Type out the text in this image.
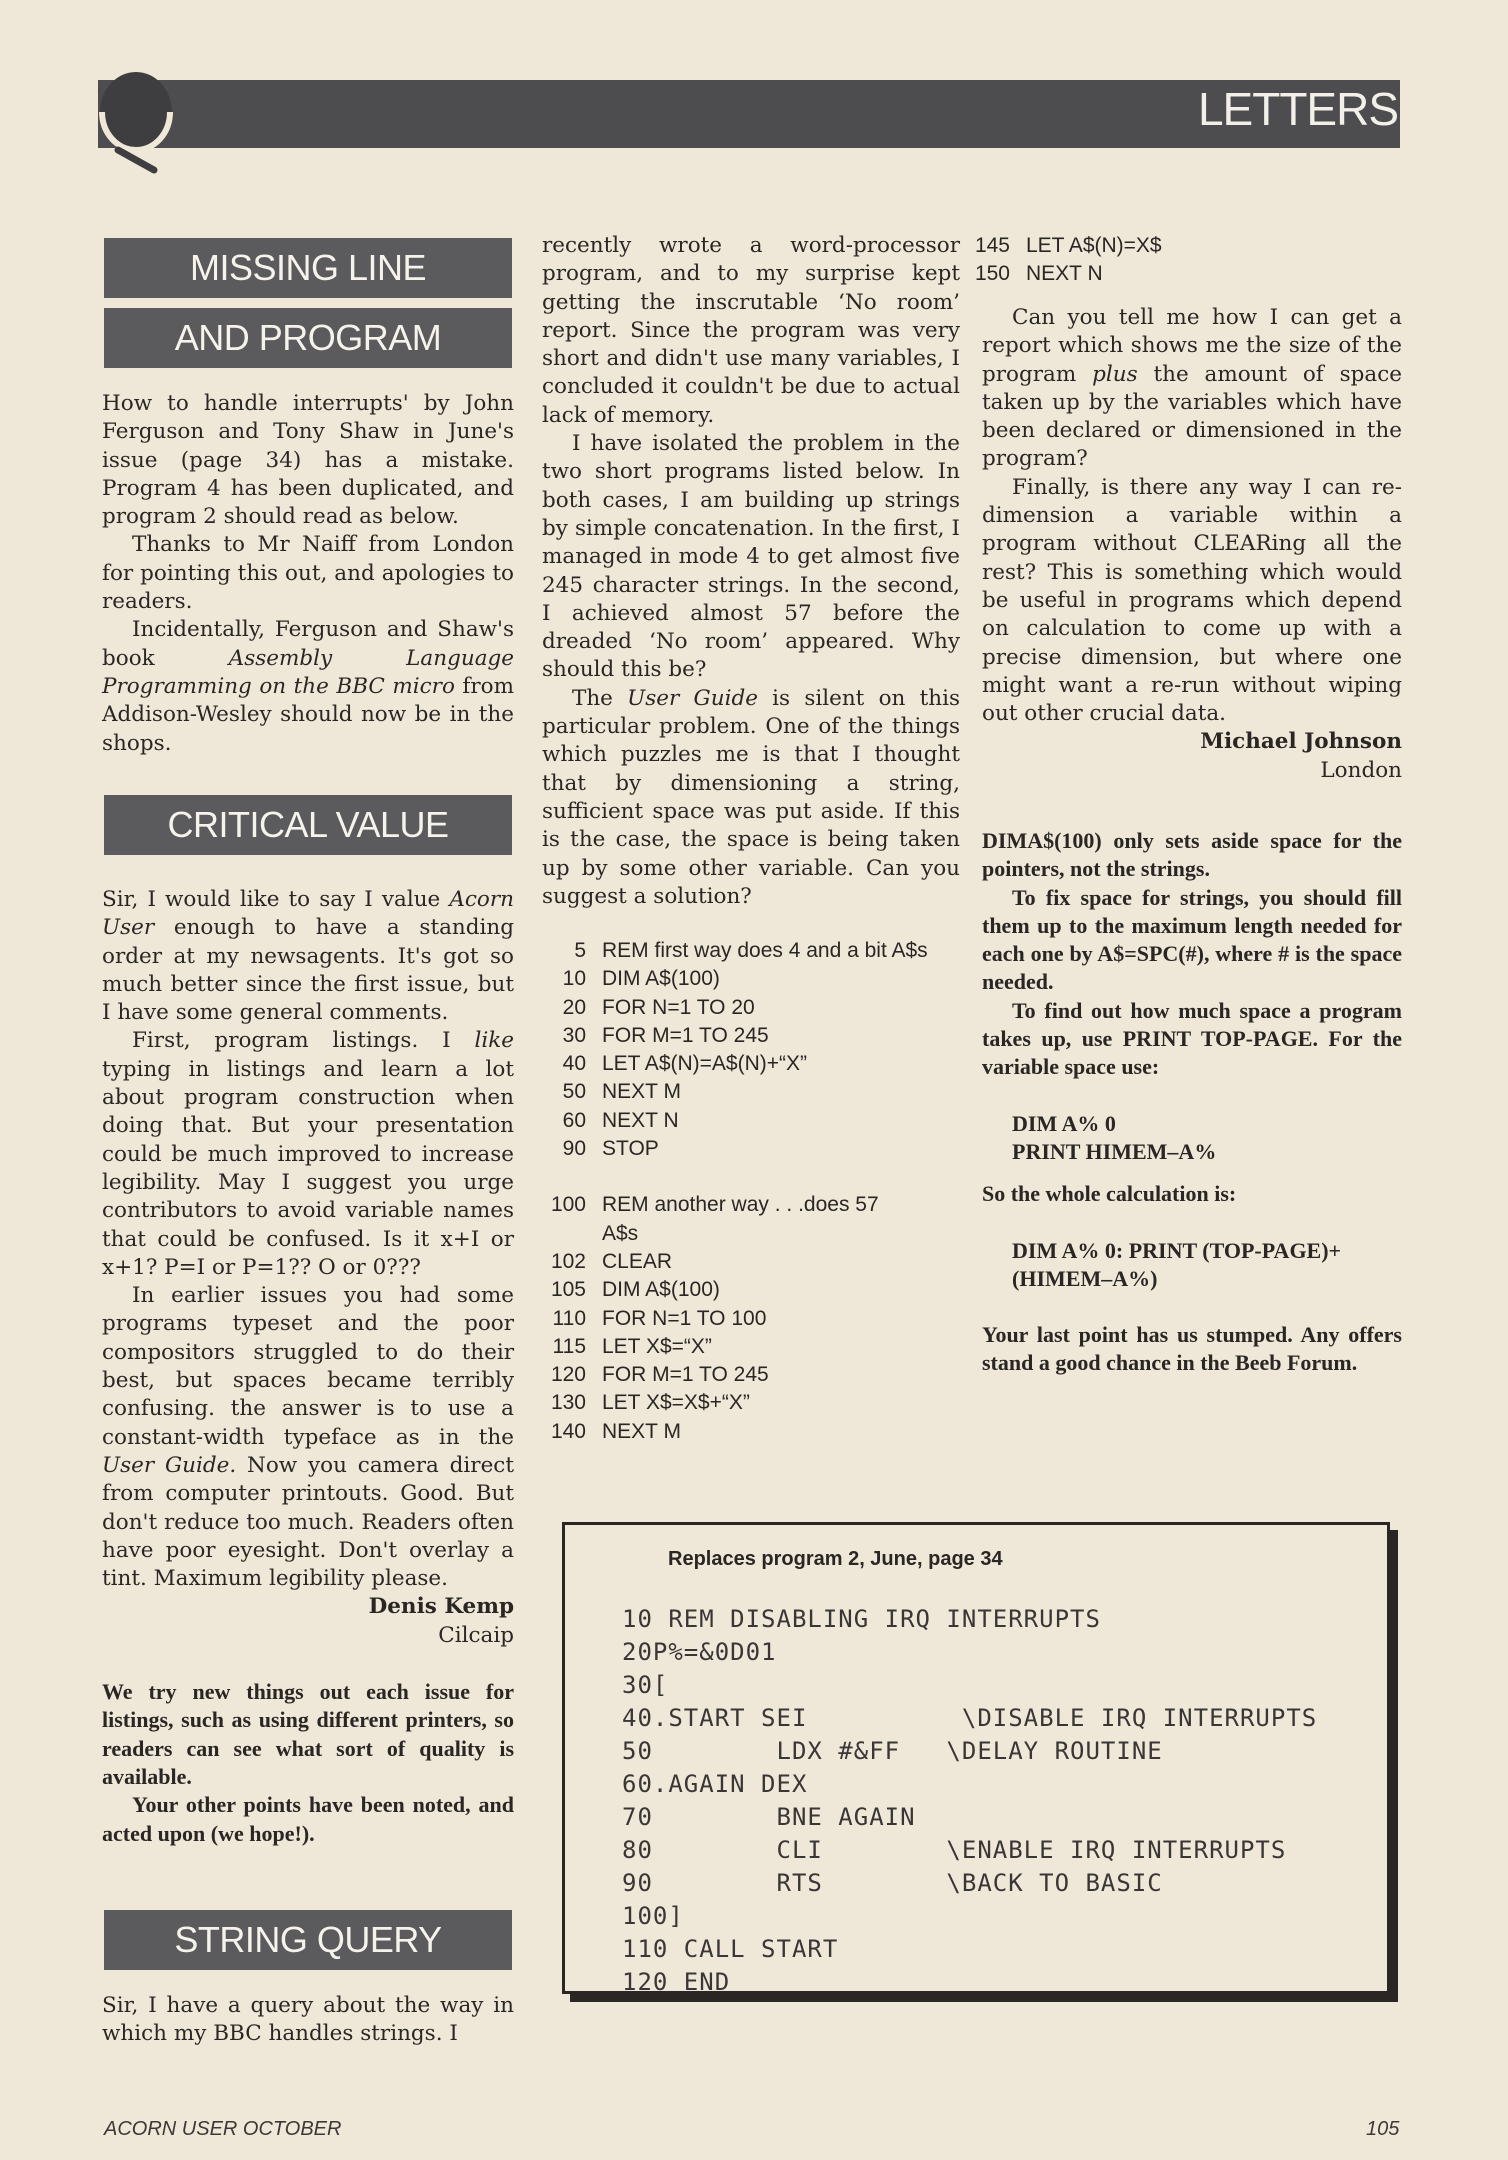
LETTERS
MISSING LINE
AND PROGRAM

How to handle interrupts' by John Ferguson and Tony Shaw in June's issue (page 34) has a mistake. Program 4 has been duplicated, and program 2 should read as below.

Thanks to Mr Naiff from London for pointing this out, and apologies to readers.

Incidentally, Ferguson and Shaw's book Assembly Language Programming on the BBC micro from Addison-Wesley should now be in the shops.

CRITICAL VALUE

Sir, I would like to say I value Acorn User enough to have a standing order at my newsagents. It's got so much better since the first issue, but I have some general comments.

First, program listings. I like typing in listings and learn a lot about program construction when doing that. But your presentation could be much improved to increase legibility. May I suggest you urge contributors to avoid variable names that could be confused. Is it x+I or x+1? P=I or P=1?? O or 0???

In earlier issues you had some programs typeset and the poor compositors struggled to do their best, but spaces became terribly confusing. the answer is to use a constant-width typeface as in the User Guide. Now you camera direct from computer printouts. Good. But don't reduce too much. Readers often have poor eyesight. Don't overlay a tint. Maximum legibility please.

Denis Kemp

Cilcaip

We try new things out each issue for listings, such as using different printers, so readers can see what sort of quality is available.

Your other points have been noted, and acted upon (we hope!).

STRING QUERY

Sir, I have a query about the way in which my BBC handles strings. I

recently wrote a word-processor program, and to my surprise kept getting the inscrutable ‘No room’ report. Since the program was very short and didn't use many variables, I concluded it couldn't be due to actual lack of memory.

I have isolated the problem in the two short programs listed below. In both cases, I am building up strings by simple concatenation. In the first, I managed in mode 4 to get almost five 245 character strings. In the second, I achieved almost 57 before the dreaded ‘No room’ appeared. Why should this be?

The User Guide is silent on this particular problem. One of the things which puzzles me is that I thought that by dimensioning a string, sufficient space was put aside. If this is the case, the space is being taken up by some other variable. Can you suggest a solution?

5 REM first way does 4 and a bit A$s
10 DIM A$(100)
20 FOR N=1 TO 20
30 FOR M=1 TO 245
40 LET A$(N)=A$(N)+“X”
50 NEXT M
60 NEXT N
90 STOP
100 REM another way . . .does 57
A$s
102 CLEAR
105 DIM A$(100)
110 FOR N=1 TO 100
115 LET X$=“X”
120 FOR M=1 TO 245
130 LET X$=X$+“X”
140 NEXT M
145 LET A$(N)=X$
150 NEXT N

Can you tell me how I can get a report which shows me the size of the program plus the amount of space taken up by the variables which have been declared or dimensioned in the program?

Finally, is there any way I can re-dimension a variable within a program without CLEARing all the rest? This is something which would be useful in programs which depend on calculation to come up with a precise dimension, but where one might want a re-run without wiping out other crucial data.

Michael Johnson

London

DIMA$(100) only sets aside space for the pointers, not the strings.

To fix space for strings, you should fill them up to the maximum length needed for each one by A$=SPC(#), where # is the space needed.

To find out how much space a program takes up, use PRINT TOP-PAGE. For the variable space use:

DIM A% 0

PRINT HIMEM–A%

So the whole calculation is:

DIM A% 0: PRINT (TOP-PAGE)+

(HIMEM–A%)

Your last point has us stumped. Any offers stand a good chance in the Beeb Forum.

Replaces program 2, June, page 34
10 REM DISABLING IRQ INTERRUPTS
20P%=&0D01
30[
40.START SEI          \DISABLE IRQ INTERRUPTS
50        LDX #&FF   \DELAY ROUTINE
60.AGAIN DEX
70        BNE AGAIN
80        CLI        \ENABLE IRQ INTERRUPTS
90        RTS        \BACK TO BASIC
100]
110 CALL START
120 END
ACORN USER OCTOBER	105
